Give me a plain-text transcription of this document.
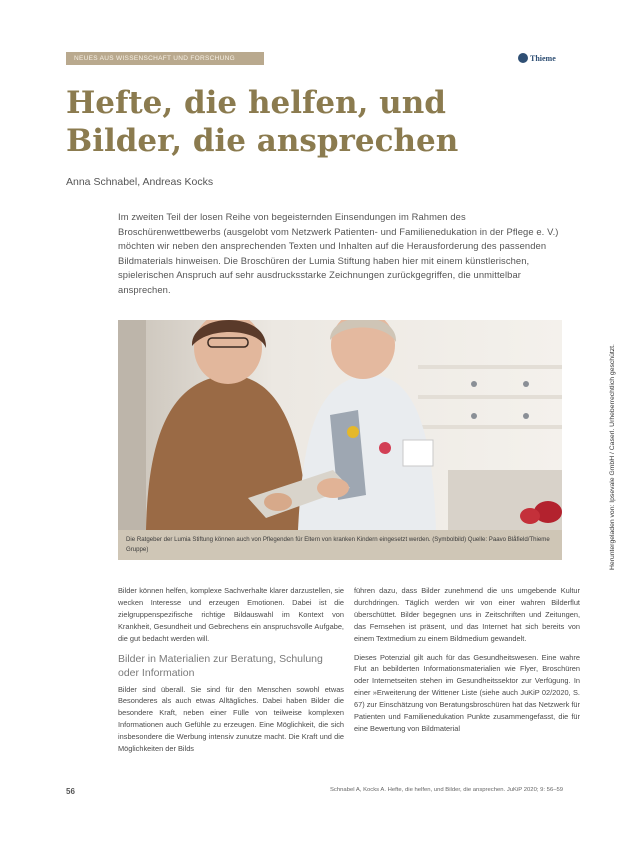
NEUES AUS WISSENSCHAFT UND FORSCHUNG	Thieme
Hefte, die helfen, und Bilder, die ansprechen
Anna Schnabel, Andreas Kocks

Im zweiten Teil der losen Reihe von begeisternden Einsendungen im Rahmen des Broschürenwettbewerbs (ausgelobt vom Netzwerk Patienten- und Familienedukation in der Pflege e. V.) möchten wir neben den ansprechenden Texten und Inhalten auf die Herausforderung des passenden Bildmaterials hinweisen. Die Broschüren der Lumia Stiftung haben hier mit einem künstlerischen, spielerischen Anspruch auf sehr ausdrucksstarke Zeichnungen zurückgegriffen, die unmittelbar ansprechen.

Heruntergeladen von: Ipsevale GmbH / Caserl. Urheberrechtlich geschützt.
Die Ratgeber der Lumia Stiftung können auch von Pflegenden für Eltern von kranken Kindern eingesetzt werden. (Symbolbild) Quelle: Paavo Blåfield/Thieme Gruppe)

Bilder können helfen, komplexe Sachverhalte klarer darzustellen, sie wecken Interesse und erzeugen Emotionen. Dabei ist die zielgruppenspezifische richtige Bildauswahl im Kontext von Krankheit, Gesundheit und Gebrechens ein anspruchsvolle Aufgabe, die gut bedacht werden will.

Bilder in Materialien zur Beratung, Schulung oder Information

Bilder sind überall. Sie sind für den Menschen sowohl etwas Besonderes als auch etwas Alltägliches. Dabei haben Bilder die besondere Kraft, neben einer Fülle von teilweise komplexen Informationen auch Gefühle zu erzeugen. Eine Möglichkeit, die sich insbesondere die Werbung intensiv zunutze macht. Die Kraft und die Möglichkeiten der Bilds

führen dazu, dass Bilder zunehmend die uns umgebende Kultur durchdringen. Täglich werden wir von einer wahren Bilderflut überschüttet. Bilder begegnen uns in Zeitschriften und Zeitungen, das Fernsehen ist präsent, und das Internet hat sich bereits von einem Textmedium zu einem Bildmedium gewandelt.

Dieses Potenzial gilt auch für das Gesundheitswesen. Eine wahre Flut an bebilderten Informationsmaterialien wie Flyer, Broschüren oder Internetseiten stehen im Gesundheitssektor zur Verfügung. In einer »Erweiterung der Wittener Liste (siehe auch JuKiP 02/2020, S. 67) zur Einschätzung von Beratungsbroschüren hat das Netzwerk für Patienten und Familienedukation Punkte zusammengefasst, die für eine Bewertung von Bildmaterial

56	Schnabel A, Kocks A. Hefte, die helfen, und Bilder, die ansprechen. JuKiP 2020; 9: 56–59
